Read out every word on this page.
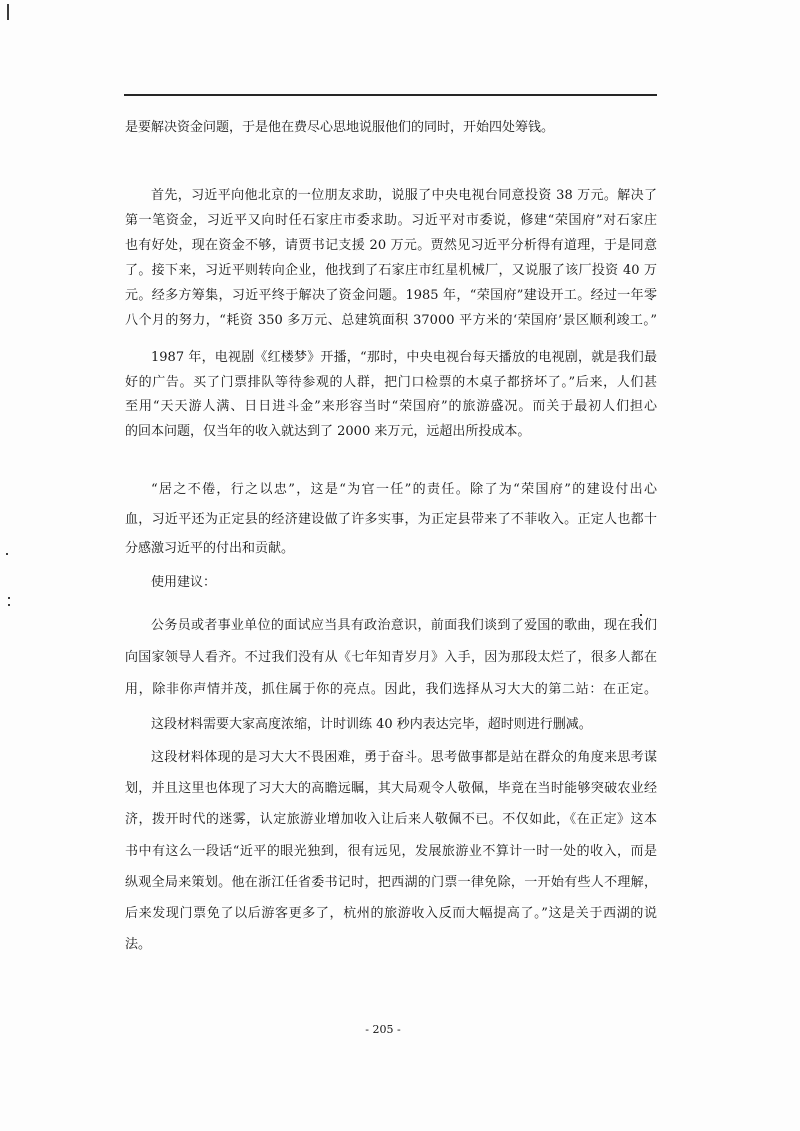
是要解决资金问题，于是他在费尽心思地说服他们的同时，开始四处筹钱。
首先，习近平向他北京的一位朋友求助，说服了中央电视台同意投资 38 万元。解决了
第一笔资金，习近平又向时任石家庄市委求助。习近平对市委说，修建“荣国府”对石家庄
也有好处，现在资金不够，请贾书记支援 20 万元。贾然见习近平分析得有道理，于是同意
了。接下来，习近平则转向企业，他找到了石家庄市红星机械厂，又说服了该厂投资 40 万
元。经多方筹集，习近平终于解决了资金问题。1985 年，“荣国府”建设开工。经过一年零
八个月的努力，“耗资 350 多万元、总建筑面积 37000 平方米的‘荣国府’景区顺利竣工。”
1987 年，电视剧《红楼梦》开播，“那时，中央电视台每天播放的电视剧，就是我们最
好的广告。买了门票排队等待参观的人群，把门口检票的木桌子都挤坏了。”后来，人们甚
至用“天天游人满、日日进斗金”来形容当时“荣国府”的旅游盛况。而关于最初人们担心
的回本问题，仅当年的收入就达到了 2000 来万元，远超出所投成本。
“居之不倦，行之以忠”，这是“为官一任”的责任。除了为“荣国府”的建设付出心
血，习近平还为正定县的经济建设做了许多实事，为正定县带来了不菲收入。正定人也都十
分感激习近平的付出和贡献。
使用建议：
公务员或者事业单位的面试应当具有政治意识，前面我们谈到了爱国的歌曲，现在我们
向国家领导人看齐。不过我们没有从《七年知青岁月》入手，因为那段太烂了，很多人都在
用，除非你声情并茂，抓住属于你的亮点。因此，我们选择从习大大的第二站：在正定。
这段材料需要大家高度浓缩，计时训练 40 秒内表达完毕，超时则进行删减。
这段材料体现的是习大大不畏困难，勇于奋斗。思考做事都是站在群众的角度来思考谋
划，并且这里也体现了习大大的高瞻远瞩，其大局观令人敬佩，毕竟在当时能够突破农业经
济，拨开时代的迷雾，认定旅游业增加收入让后来人敬佩不已。不仅如此，《在正定》这本
书中有这么一段话“近平的眼光独到，很有远见，发展旅游业不算计一时一处的收入，而是
纵观全局来策划。他在浙江任省委书记时，把西湖的门票一律免除，一开始有些人不理解，
后来发现门票免了以后游客更多了，杭州的旅游收入反而大幅提高了。”这是关于西湖的说
法。
- 205 -
